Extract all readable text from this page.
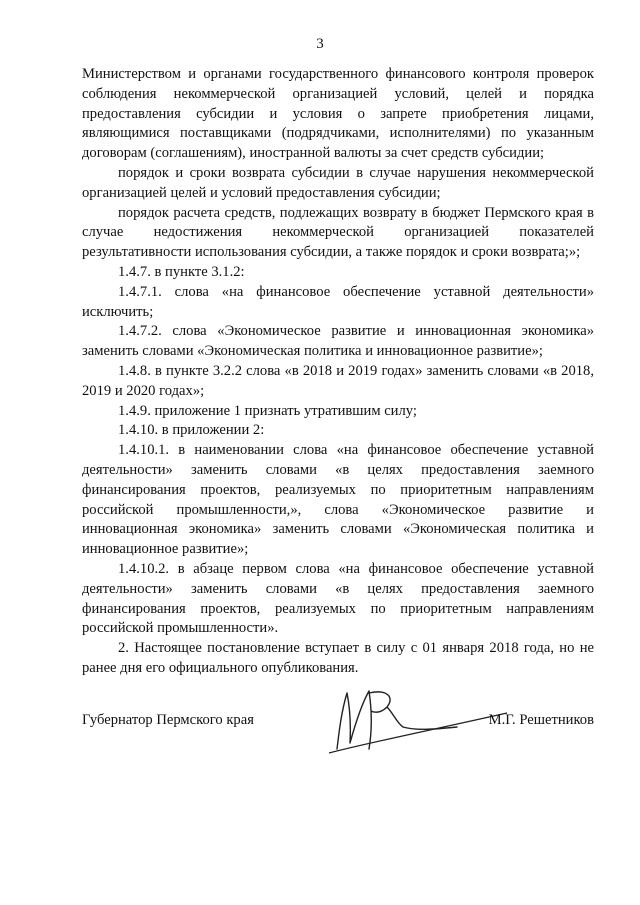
3

Министерством и органами государственного финансового контроля проверок соблюдения некоммерческой организацией условий, целей и порядка предоставления субсидии и условия о запрете приобретения лицами, являющимися поставщиками (подрядчиками, исполнителями) по указанным договорам (соглашениям), иностранной валюты за счет средств субсидии;

порядок и сроки возврата субсидии в случае нарушения некоммерческой организацией целей и условий предоставления субсидии;

порядок расчета средств, подлежащих возврату в бюджет Пермского края в случае недостижения некоммерческой организацией показателей результативности использования субсидии, а также порядок и сроки возврата;»;

1.4.7. в пункте 3.1.2:

1.4.7.1. слова «на финансовое обеспечение уставной деятельности» исключить;

1.4.7.2. слова «Экономическое развитие и инновационная экономика» заменить словами «Экономическая политика и инновационное развитие»;

1.4.8. в пункте 3.2.2 слова «в 2018 и 2019 годах» заменить словами «в 2018, 2019 и 2020 годах»;

1.4.9. приложение 1 признать утратившим силу;

1.4.10. в приложении 2:

1.4.10.1. в наименовании слова «на финансовое обеспечение уставной деятельности» заменить словами «в целях предоставления заемного финансирования проектов, реализуемых по приоритетным направлениям российской промышленности,», слова «Экономическое развитие и инновационная экономика» заменить словами «Экономическая политика и инновационное развитие»;

1.4.10.2. в абзаце первом слова «на финансовое обеспечение уставной деятельности» заменить словами «в целях предоставления заемного финансирования проектов, реализуемых по приоритетным направлениям российской промышленности».

2. Настоящее постановление вступает в силу с 01 января 2018 года, но не ранее дня его официального опубликования.

Губернатор Пермского края	М.Г. Решетников
